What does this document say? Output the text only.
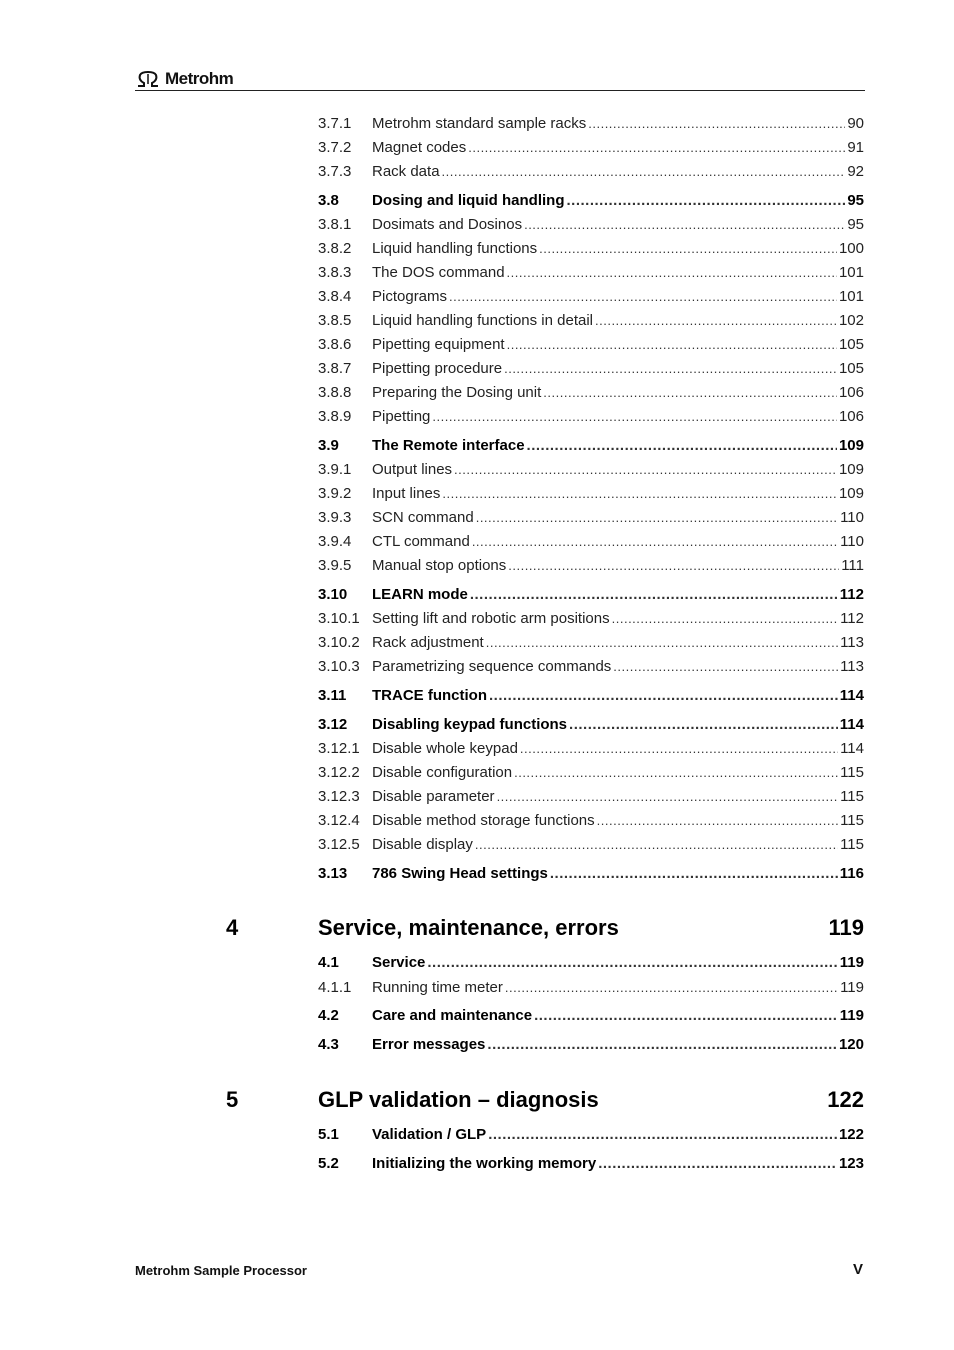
Metrohm
3.7.1	Metrohm standard sample racks .....	90
3.7.2	Magnet codes .....	91
3.7.3	Rack data .....	92
3.8	Dosing and liquid handling .....	95
3.8.1	Dosimats and Dosinos .....	95
3.8.2	Liquid handling functions .....	100
3.8.3	The DOS command .....	101
3.8.4	Pictograms .....	101
3.8.5	Liquid handling functions in detail .....	102
3.8.6	Pipetting equipment .....	105
3.8.7	Pipetting procedure .....	105
3.8.8	Preparing the Dosing unit .....	106
3.8.9	Pipetting .....	106
3.9	The Remote interface .....	109
3.9.1	Output lines .....	109
3.9.2	Input lines .....	109
3.9.3	SCN command .....	110
3.9.4	CTL command .....	110
3.9.5	Manual stop options .....	111
3.10	LEARN mode .....	112
3.10.1 Setting lift and robotic arm positions .....	112
3.10.2 Rack adjustment .....	113
3.10.3 Parametrizing sequence commands .....	113
3.11	TRACE function .....	114
3.12	Disabling keypad functions .....	114
3.12.1 Disable whole keypad .....	114
3.12.2 Disable configuration .....	115
3.12.3 Disable parameter .....	115
3.12.4 Disable method storage functions .....	115
3.12.5 Disable display .....	115
3.13	786 Swing Head settings .....	116
4	Service, maintenance, errors	119
4.1	Service .....	119
4.1.1	Running time meter .....	119
4.2	Care and maintenance .....	119
4.3	Error messages .....	120
5	GLP validation – diagnosis	122
5.1	Validation / GLP .....	122
5.2	Initializing the working memory .....	123
Metrohm Sample Processor	V
